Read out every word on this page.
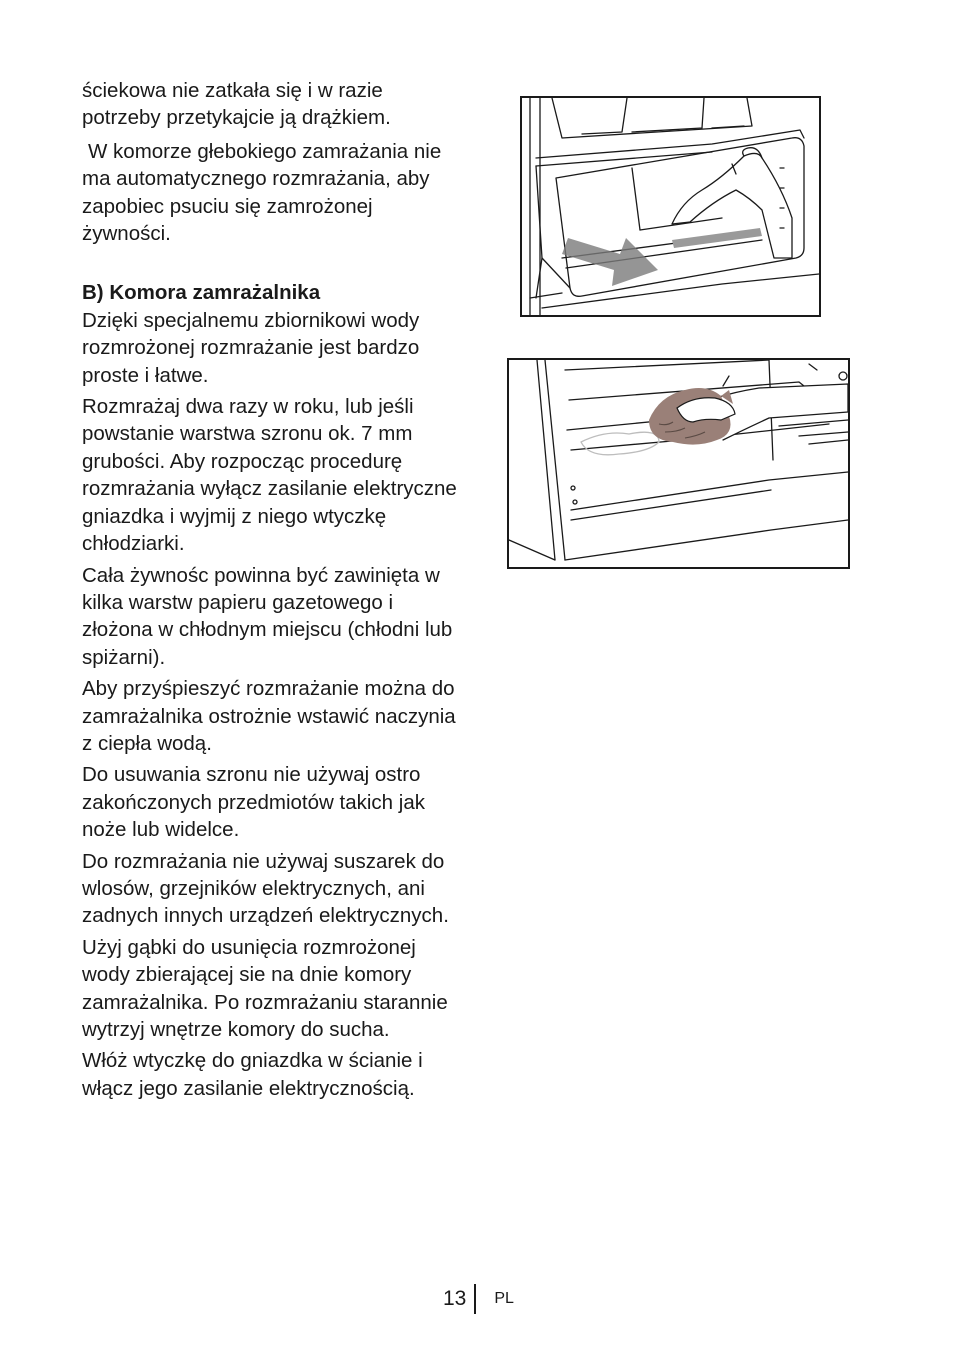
ściekowa nie zatkała się i w razie potrzeby przetykajcie ją drążkiem.

W komorze głebokiego zamrażania nie ma automatycznego rozmrażania, aby zapobiec psuciu się zamrożonej żywności.

B) Komora zamrażalnika

Dzięki specjalnemu zbiornikowi wody rozmrożonej rozmrażanie jest bardzo proste i łatwe.

Rozmrażaj dwa razy w roku, lub jeśli powstanie warstwa szronu ok. 7 mm grubości. Aby rozpocząc procedurę rozmrażania wyłącz zasilanie elektryczne gniazdka i wyjmij z niego wtyczkę chłodziarki.

Cała żywnośc powinna być zawinięta w kilka warstw papieru gazetowego i złożona w chłodnym miejscu (chłodni lub spiżarni).

Aby przyśpieszyć rozmrażanie można do zamrażalnika ostrożnie wstawić naczynia z ciepła wodą.

Do usuwania szronu nie używaj ostro zakończonych przedmiotów takich jak noże lub widelce.

Do rozmrażania nie używaj suszarek do wlosów, grzejników elektrycznych, ani zadnych innych urządzeń elektrycznych.

Użyj gąbki do usunięcia rozmrożonej wody zbierającej sie na dnie komory zamrażalnika. Po rozmrażaniu starannie wytrzyj wnętrze komory do sucha.

Włóż wtyczkę do gniazdka w ścianie i włącz jego zasilanie elektrycznością.

13	PL
